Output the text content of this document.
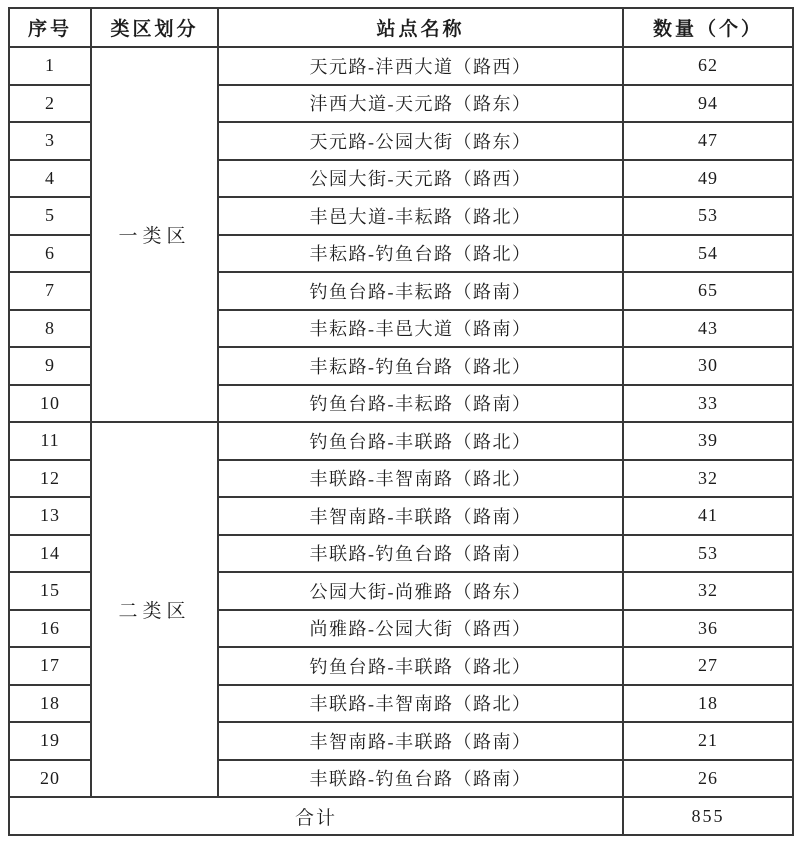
序号	类区划分	站点名称	数量（个）
1	一类区	天元路-沣西大道（路西）	62
2		沣西大道-天元路（路东）	94
3		天元路-公园大街（路东）	47
4		公园大街-天元路（路西）	49
5		丰邑大道-丰耘路（路北）	53
6		丰耘路-钓鱼台路（路北）	54
7		钓鱼台路-丰耘路（路南）	65
8		丰耘路-丰邑大道（路南）	43
9		丰耘路-钓鱼台路（路北）	30
10		钓鱼台路-丰耘路（路南）	33
11	二类区	钓鱼台路-丰联路（路北）	39
12		丰联路-丰智南路（路北）	32
13		丰智南路-丰联路（路南）	41
14		丰联路-钓鱼台路（路南）	53
15		公园大街-尚雅路（路东）	32
16		尚雅路-公园大街（路西）	36
17		钓鱼台路-丰联路（路北）	27
18		丰联路-丰智南路（路北）	18
19		丰智南路-丰联路（路南）	21
20		丰联路-钓鱼台路（路南）	26
合计			855
